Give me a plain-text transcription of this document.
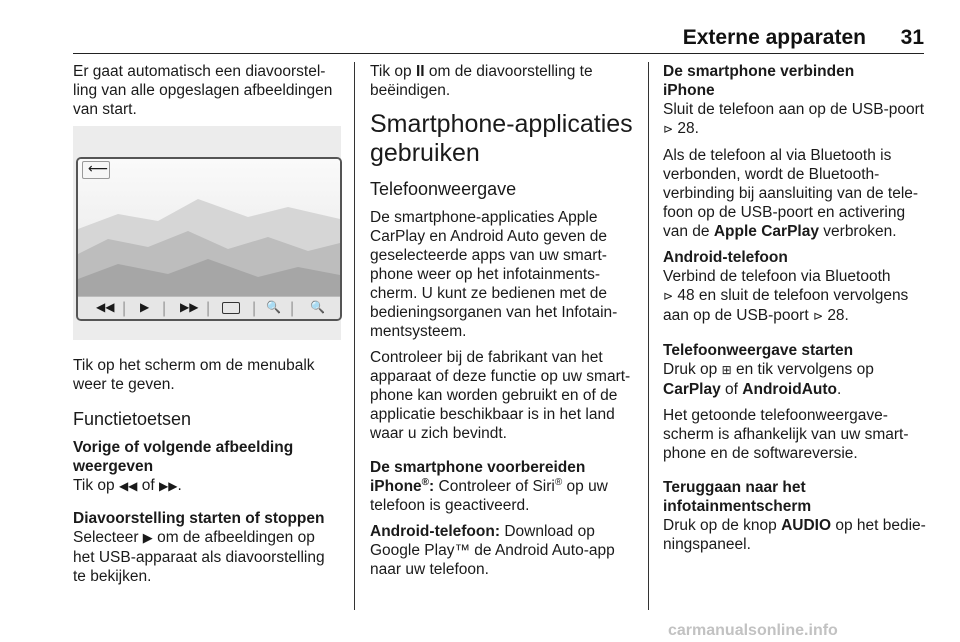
Externe apparaten 31

Er gaat automatisch een diavoorstel-
ling van alle opgeslagen afbeeldingen
van start.

⟵
◀◀ | ▶ | ▶▶ |	| 🔍 | 🔍

Tik op het scherm om de menubalk
weer te geven.

Functietoetsen
Vorige of volgende afbeelding
weergeven

Tik op ◀◀ of ▶▶.

Diavoorstelling starten of stoppen

Selecteer ▶ om de afbeeldingen op
het USB-apparaat als diavoorstelling
te bekijken.

Tik op II om de diavoorstelling te
beëindigen.

Smartphone-applicaties
gebruiken
Telefoonweergave

De smartphone-applicaties Apple
CarPlay en Android Auto geven de
geselecteerde apps van uw smart-
phone weer op het infotainments-
cherm. U kunt ze bedienen met de
bedieningsorganen van het Infotain-
mentsysteem.

Controleer bij de fabrikant van het
apparaat of deze functie op uw smart-
phone kan worden gebruikt en of de
applicatie beschikbaar is in het land
waar u zich bevindt.

De smartphone voorbereiden

iPhone®: Controleer of Siri® op uw
telefoon is geactiveerd.

Android-telefoon: Download op
Google Play™ de Android Auto-app
naar uw telefoon.

De smartphone verbinden
iPhone

Sluit de telefoon aan op de USB-poort
⊳ 28.

Als de telefoon al via Bluetooth is
verbonden, wordt de Bluetooth-
verbinding bij aansluiting van de tele-
foon op de USB-poort en activering
van de Apple CarPlay verbroken.

Android-telefoon

Verbind de telefoon via Bluetooth
⊳ 48 en sluit de telefoon vervolgens
aan op de USB-poort ⊳ 28.

Telefoonweergave starten

Druk op ⊞ en tik vervolgens op
CarPlay of AndroidAuto.

Het getoonde telefoonweergave-
scherm is afhankelijk van uw smart-
phone en de softwareversie.

Teruggaan naar het
infotainmentscherm

Druk op de knop AUDIO op het bedie-
ningspaneel.

carmanualsonline.info
